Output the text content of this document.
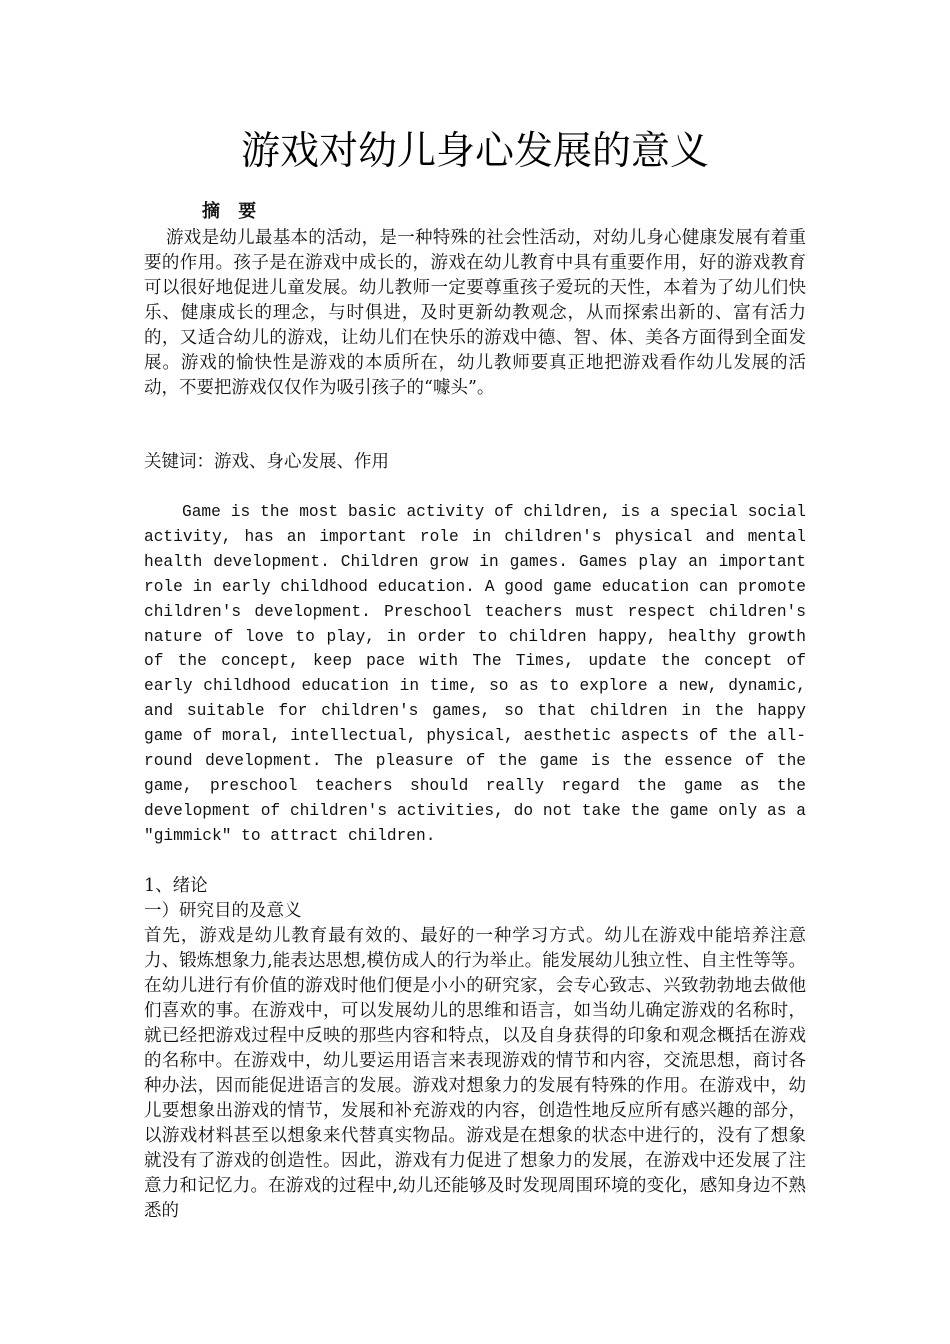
游戏对幼儿身心发展的意义
摘 要

游戏是幼儿最基本的活动，是一种特殊的社会性活动，对幼儿身心健康发展有着重要的作用。孩子是在游戏中成长的，游戏在幼儿教育中具有重要作用，好的游戏教育可以很好地促进儿童发展。幼儿教师一定要尊重孩子爱玩的天性，本着为了幼儿们快乐、健康成长的理念，与时俱进，及时更新幼教观念，从而探索出新的、富有活力的，又适合幼儿的游戏，让幼儿们在快乐的游戏中德、智、体、美各方面得到全面发展。游戏的愉快性是游戏的本质所在，幼儿教师要真正地把游戏看作幼儿发展的活动，不要把游戏仅仅作为吸引孩子的“噱头”。

关键词：游戏、身心发展、作用

Game is the most basic activity of children, is a special social activity, has an important role in children's physical and mental health development. Children grow in games. Games play an important role in early childhood education. A good game education can promote children's development. Preschool teachers must respect children's nature of love to play, in order to children happy, healthy growth of the concept, keep pace with The Times, update the concept of early childhood education in time, so as to explore a new, dynamic, and suitable for children's games, so that children in the happy game of moral, intellectual, physical, aesthetic aspects of the all-round development. The pleasure of the game is the essence of the game, preschool teachers should really regard the game as the development of children's activities, do not take the game only as a "gimmick" to attract children.

1、绪论

一）研究目的及意义

首先，游戏是幼儿教育最有效的、最好的一种学习方式。幼儿在游戏中能培养注意力、锻炼想象力,能表达思想,模仿成人的行为举止。能发展幼儿独立性、自主性等等。在幼儿进行有价值的游戏时他们便是小小的研究家，会专心致志、兴致勃勃地去做他们喜欢的事。在游戏中，可以发展幼儿的思维和语言，如当幼儿确定游戏的名称时，就已经把游戏过程中反映的那些内容和特点，以及自身获得的印象和观念概括在游戏的名称中。在游戏中，幼儿要运用语言来表现游戏的情节和内容，交流思想，商讨各种办法，因而能促进语言的发展。游戏对想象力的发展有特殊的作用。在游戏中，幼儿要想象出游戏的情节，发展和补充游戏的内容，创造性地反应所有感兴趣的部分，以游戏材料甚至以想象来代替真实物品。游戏是在想象的状态中进行的，没有了想象就没有了游戏的创造性。因此，游戏有力促进了想象力的发展，在游戏中还发展了注意力和记忆力。在游戏的过程中,幼儿还能够及时发现周围环境的变化，感知身边不熟悉的
